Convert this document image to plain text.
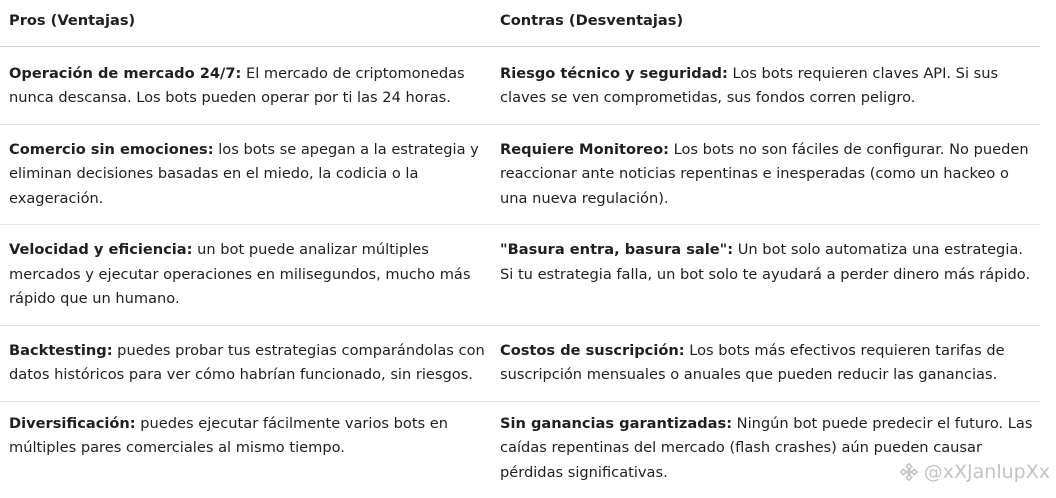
Pros (Ventajas)	Contras (Desventajas)
Operación de mercado 24/7: El mercado de criptomonedas nunca descansa. Los bots pueden operar por ti las 24 horas.	Riesgo técnico y seguridad: Los bots requieren claves API. Si sus claves se ven comprometidas, sus fondos corren peligro.
Comercio sin emociones: los bots se apegan a la estrategia y eliminan decisiones basadas en el miedo, la codicia o la exageración.	Requiere Monitoreo: Los bots no son fáciles de configurar. No pueden reaccionar ante noticias repentinas e inesperadas (como un hackeo o una nueva regulación).
Velocidad y eficiencia: un bot puede analizar múltiples mercados y ejecutar operaciones en milisegundos, mucho más rápido que un humano.	"Basura entra, basura sale": Un bot solo automatiza una estrategia. Si tu estrategia falla, un bot solo te ayudará a perder dinero más rápido.
Backtesting: puedes probar tus estrategias comparándolas con datos históricos para ver cómo habrían funcionado, sin riesgos.	Costos de suscripción: Los bots más efectivos requieren tarifas de suscripción mensuales o anuales que pueden reducir las ganancias.
Diversificación: puedes ejecutar fácilmente varios bots en múltiples pares comerciales al mismo tiempo.	Sin ganancias garantizadas: Ningún bot puede predecir el futuro. Las caídas repentinas del mercado (flash crashes) aún pueden causar pérdidas significativas.	@xXJanlupXx
